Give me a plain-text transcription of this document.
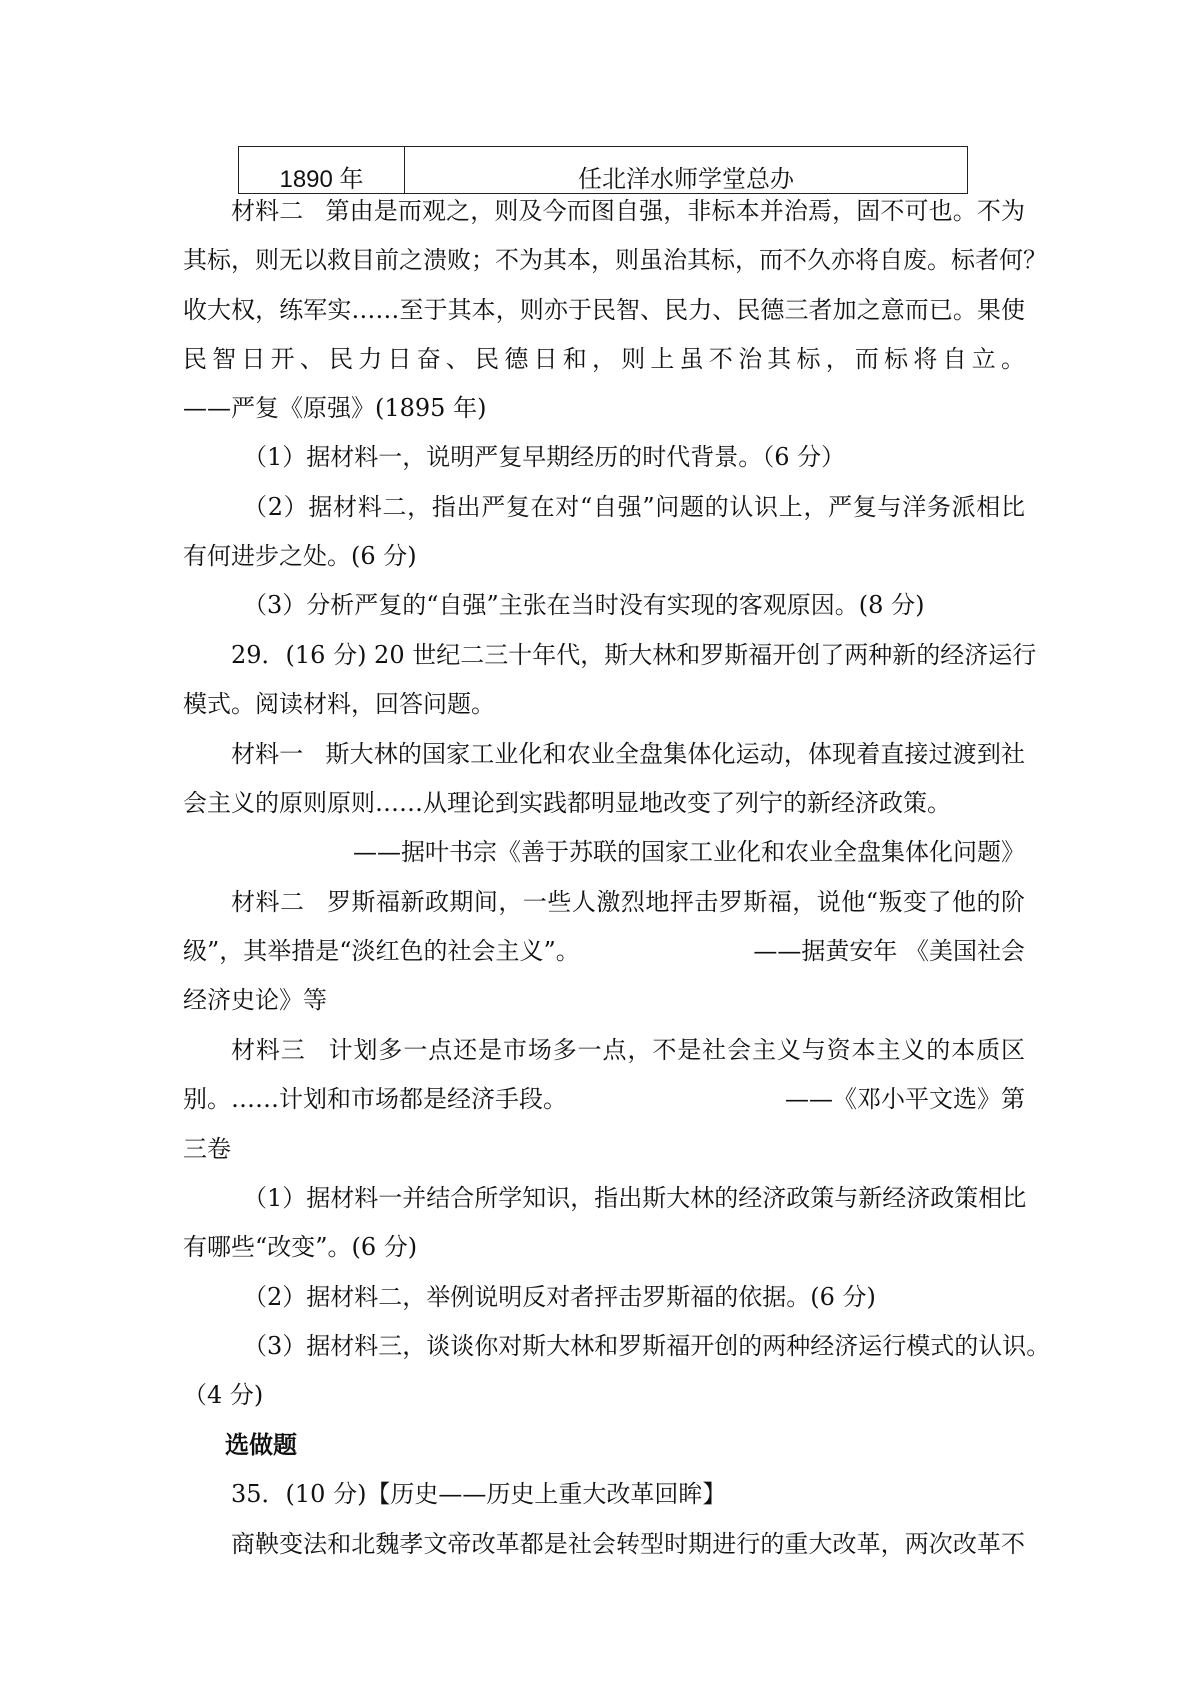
1890 年	任北洋水师学堂总办
材料二 第由是而观之，则及今而图自强，非标本并治焉，固不可也。不为
其标，则无以救目前之溃败；不为其本，则虽治其标，而不久亦将自废。标者何？
收大权，练军实……至于其本，则亦于民智、民力、民德三者加之意而已。果使
民智日开、民力日奋、民德日和，则上虽不治其标，而标将自立。
——严复《原强》(1895 年)
（1）据材料一，说明严复早期经历的时代背景。（6 分）
（2）据材料二，指出严复在对“自强”问题的认识上，严复与洋务派相比
有何进步之处。(6 分)
（3）分析严复的“自强”主张在当时没有实现的客观原因。(8 分)
29．(16 分) 20 世纪二三十年代，斯大林和罗斯福开创了两种新的经济运行
模式。阅读材料，回答问题。
材料一 斯大林的国家工业化和农业全盘集体化运动，体现着直接过渡到社
会主义的原则原则……从理论到实践都明显地改变了列宁的新经济政策。
——据叶书宗《善于苏联的国家工业化和农业全盘集体化问题》
材料二 罗斯福新政期间，一些人激烈地抨击罗斯福，说他“叛变了他的阶
级”，其举措是“淡红色的社会主义”。	——据黄安年 《美国社会
经济史论》等
材料三 计划多一点还是市场多一点，不是社会主义与资本主义的本质区
别。……计划和市场都是经济手段。	——《邓小平文选》第
三卷
（1）据材料一并结合所学知识，指出斯大林的经济政策与新经济政策相比
有哪些“改变”。(6 分)
（2）据材料二，举例说明反对者抨击罗斯福的依据。(6 分)
（3）据材料三，谈谈你对斯大林和罗斯福开创的两种经济运行模式的认识。
（4 分)
选做题
35．(10 分)【历史——历史上重大改革回眸】
商鞅变法和北魏孝文帝改革都是社会转型时期进行的重大改革，两次改革不
